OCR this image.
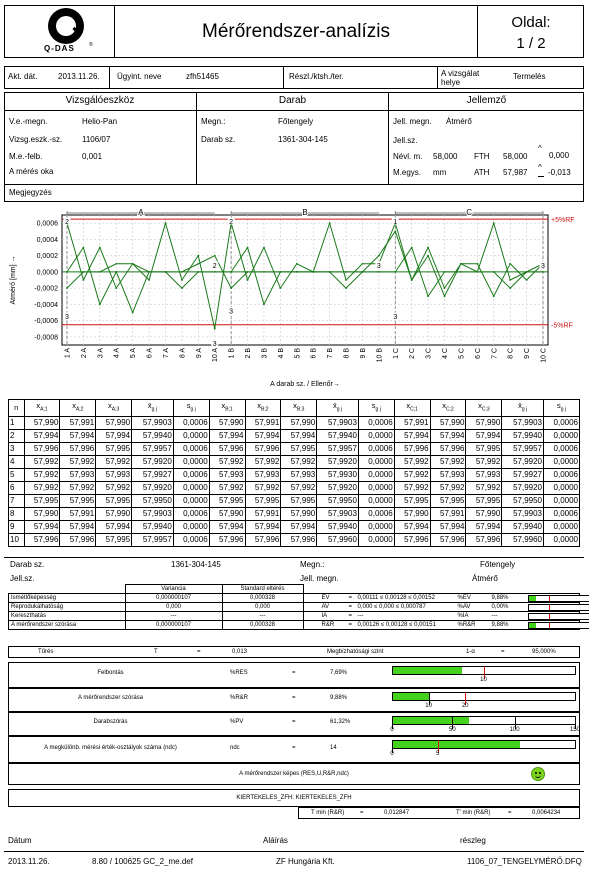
Q-DAS	®
Mérőrendszer-analízis	Oldal:
1 / 2
Akt. dát.	2013.11.26. Ügyint. neve	zfh51465	Részl./ktsh./ter.	A vizsgálat helye
Termelés
Vizsgálóeszköz	Darab	Jellemző
V.e.-megn.	Helio-Pan
Vizsg.eszk.-sz. 1106/07
M.e.-felb.	0,001
A mérés oka
Megn.:	Főtengely
Darab sz.	1361-304-145
Jell. megn. Átmérő
Jell.sz.
Névl. m. 58,000 FTH 58,000
^
0,000
M.egys. mm	ATH 57,987
^
-0,013
Megjegyzés
0,0006
0,0004
0,0002
0,0000
-0,0002
-0,0004
-0,0006
-0,0008
A	B	C
+5%RF
-5%RF
2
3
2
3
2
3
3
1
3
3
1 A 2 A 3 A 4 A 5 A 6 A 7 A 8 A 9 A 10 A 1 B 2 B 3 B 4 B 5 B 6 B 7 B 8 B 9 B 10 B 1 C 2 C 3 C 4 C 5 C 6 C 7 C 8 C 9 C 10 C
Atmérő [mm] →
A darab sz. / Ellenőr→
n	$x_{A;1}$	$x_{A;2}$	$x_{A;3}$	$x̄_{g j}$	$s_{g j}$	$x_{B;1}$	$x_{B;2}$	$x_{B;3}$	$x̄_{g j}$	$s_{g j}$	$x_{C;1}$	$x_{C;2}$	$x_{C;3}$	$x̄_{g j}$	$s_{g j}$
1	57,990	57,991	57,990	57,9903	0,0006	57,990	57,991	57,990	57,9903	0,0006	57,991	57,990	57,990	57,9903	0,0006
2	57,994	57,994	57,994	57,9940	0,0000	57,994	57,994	57,994	57,9940	0,0000	57,994	57,994	57,994	57,9940	0,0000
3	57,996	57,996	57,995	57,9957	0,0006	57,996	57,996	57,995	57,9957	0,0006	57,996	57,996	57,995	57,9957	0,0006
4	57,992	57,992	57,992	57,9920	0,0000	57,992	57,992	57,992	57,9920	0,0000	57,992	57,992	57,992	57,9920	0,0000
5	57,992	57,993	57,993	57,9927	0,0006	57,993	57,993	57,993	57,9930	0,0000	57,992	57,993	57,993	57,9927	0,0006
6	57,992	57,992	57,992	57,9920	0,0000	57,992	57,992	57,992	57,9920	0,0000	57,992	57,992	57,992	57,9920	0,0000
7	57,995	57,995	57,995	57,9950	0,0000	57,995	57,995	57,995	57,9950	0,0000	57,995	57,995	57,995	57,9950	0,0000
8	57,990	57,991	57,990	57,9903	0,0006	57,990	57,991	57,990	57,9903	0,0006	57,990	57,991	57,990	57,9903	0,0006
9	57,994	57,994	57,994	57,9940	0,0000	57,994	57,994	57,994	57,9940	0,0000	57,994	57,994	57,994	57,9940	0,0000
10	57,996	57,996	57,995	57,9957	0,0006	57,996	57,996	57,996	57,9960	0,0000	57,996	57,996	57,996	57,9960	0,0000
Darab sz.	1361-304-145	Megn.:	Főtengely
Jell.sz.	Jell. megn.	Átmérő
	Variancia	Standard eltérés	
Ismétlőképesség	0,000000107	0,000328	EV = 0,00111 ≤ 0,00128 ≤ 0,00152 %EV 9,88%

Reprodukálhatóság	0,000	0,000	AV = 0,000 ≤ 0,000 ≤ 0,000787 %AV 0,00%

Kereszthatás	---	---	IA = --- %IA ---

A mérőrendszer szórása	0,000000107	0,000328	R&R = 0,00126 ≤ 0,00128 ≤ 0,00151 %R&R 9,88%
Tűrés	T	=	0,013	Megbízhatósági szint	1-α	=	95,000%
Felbontás	%RES	=	7,69%
10
A mérőrendszer szórása	%R&R	=	9,88%
10	20
Darabszórás	%PV	=	61,32%
0	50	100	150
A megkülönb. mérési érték-osztályok száma (ndc)	ndc	=	14
0	5
A mérőrendszer képes (RES,U,R&R,ndc)
KIERTEKELES_ZFH: KIERTEKELES_ZFH
T min (R&R)	=	0,012847	T' min (R&R)	=	0,0064234
Dátum	Aláírás	részleg
2013.11.26.	8.80 / 100625 GC_2_me.def	ZF Hungária Kft.	1106_07_TENGELYMÉRŐ.DFQ
